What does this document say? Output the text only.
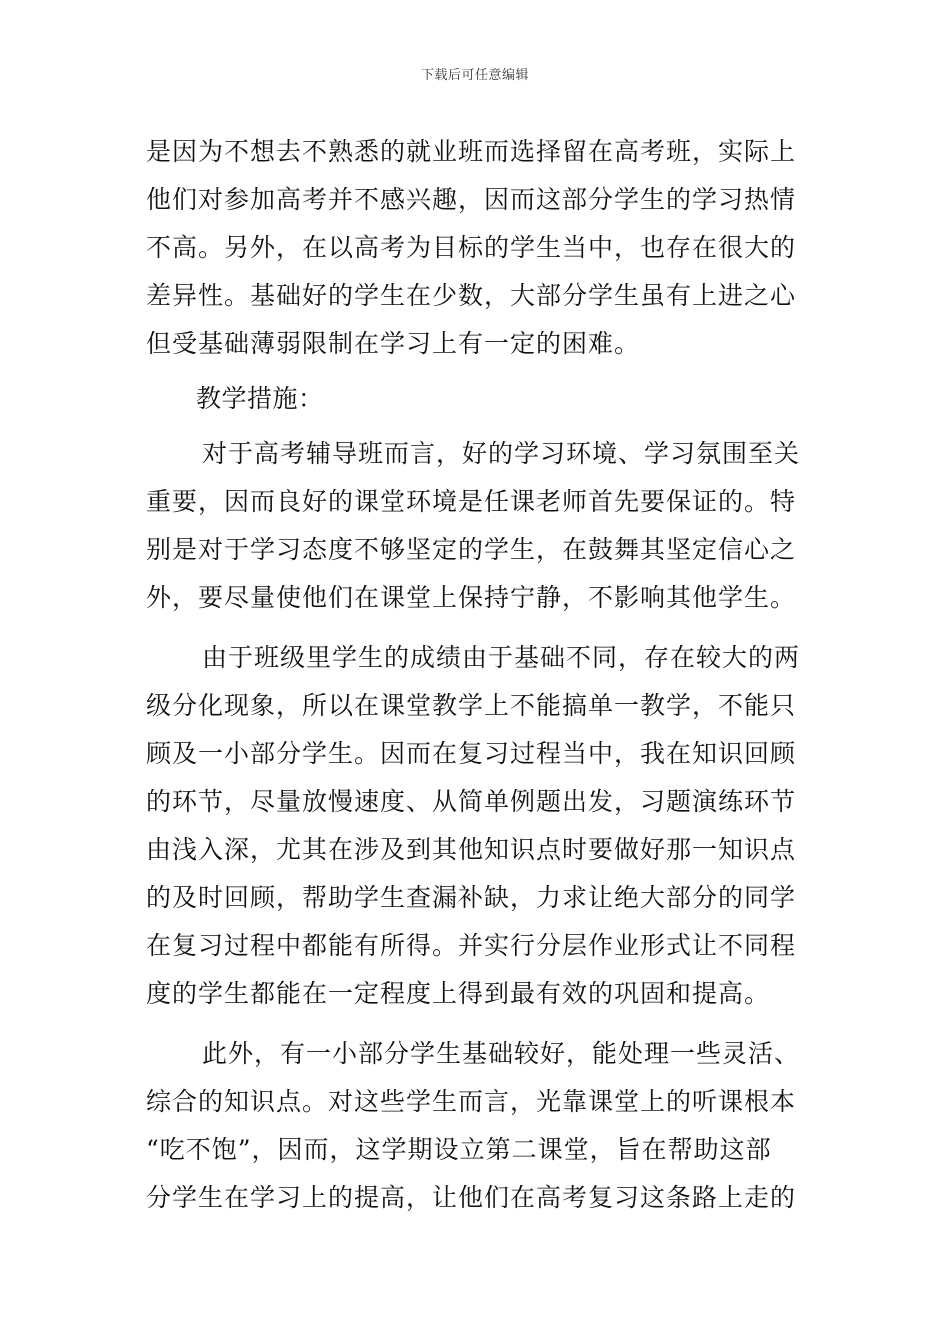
下载后可任意编辑
是因为不想去不熟悉的就业班而选择留在高考班，实际上
他们对参加高考并不感兴趣，因而这部分学生的学习热情
不高。另外，在以高考为目标的学生当中，也存在很大的
差异性。基础好的学生在少数，大部分学生虽有上进之心
但受基础薄弱限制在学习上有一定的困难。
教学措施：
对于高考辅导班而言，好的学习环境、学习氛围至关
重要，因而良好的课堂环境是任课老师首先要保证的。特
别是对于学习态度不够坚定的学生，在鼓舞其坚定信心之
外，要尽量使他们在课堂上保持宁静，不影响其他学生。
由于班级里学生的成绩由于基础不同，存在较大的两
级分化现象，所以在课堂教学上不能搞单一教学，不能只
顾及一小部分学生。因而在复习过程当中，我在知识回顾
的环节，尽量放慢速度、从简单例题出发，习题演练环节
由浅入深，尤其在涉及到其他知识点时要做好那一知识点
的及时回顾，帮助学生查漏补缺，力求让绝大部分的同学
在复习过程中都能有所得。并实行分层作业形式让不同程
度的学生都能在一定程度上得到最有效的巩固和提高。
此外，有一小部分学生基础较好，能处理一些灵活、
综合的知识点。对这些学生而言，光靠课堂上的听课根本
“吃不饱”，因而，这学期设立第二课堂，旨在帮助这部
分学生在学习上的提高，让他们在高考复习这条路上走的
